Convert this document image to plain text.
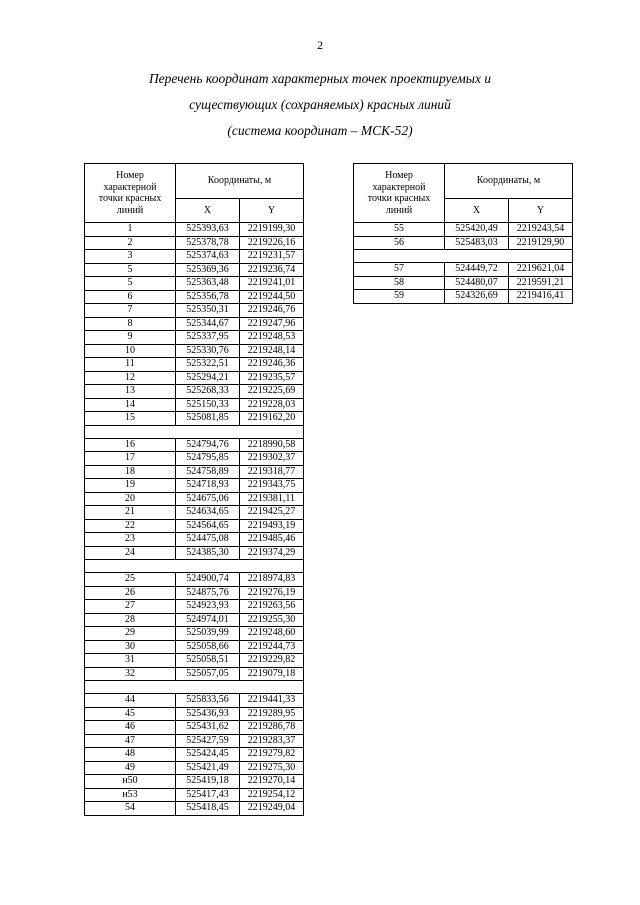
2
Перечень координат характерных точек проектируемых и
существующих (сохраняемых) красных линий
(система координат – МСК-52)
Номер
характерной
точки красных
линий	Координаты, м	
	X	Y
1	525393,63	2219199,30
2	525378,78	2219226,16
3	525374,63	2219231,57
5	525369,36	2219236,74
5	525363,48	2219241,01
6	525356,78	2219244,50
7	525350,31	2219246,76
8	525344,67	2219247,96
9	525337,95	2219248,53
10	525330,76	2219248,14
11	525322,51	2219246,36
12	525294,21	2219235,57
13	525268,33	2219225,69
14	525150,33	2219228,03
15	525081,85	2219162,20

16	524794,76	2218990,58
17	524795,85	2219302,37
18	524758,89	2219318,77
19	524718,93	2219343,75
20	524675,06	2219381,11
21	524634,65	2219425,27
22	524564,65	2219493,19
23	524475,08	2219485,46
24	524385,30	2219374,29

25	524900,74	2218974,83
26	524875,76	2219276,19
27	524923,93	2219263,56
28	524974,01	2219255,30
29	525039,99	2219248,60
30	525058,66	2219244,73
31	525058,51	2219229,82
32	525057,05	2219079,18

44	525833,56	2219441,33
45	525436,93	2219289,95
46	525431,62	2219286,78
47	525427,59	2219283,37
48	525424,45	2219279,82
49	525421,49	2219275,30
н50	525419,18	2219270,14
н53	525417,43	2219254,12
54	525418,45	2219249,04
Номер
характерной
точки красных
линий	Координаты, м	
	X	Y
55	525420,49	2219243,54
56	525483,03	2219129,90

57	524449,72	2219621,04
58	524480,07	2219591,21
59	524326,69	2219416,41
